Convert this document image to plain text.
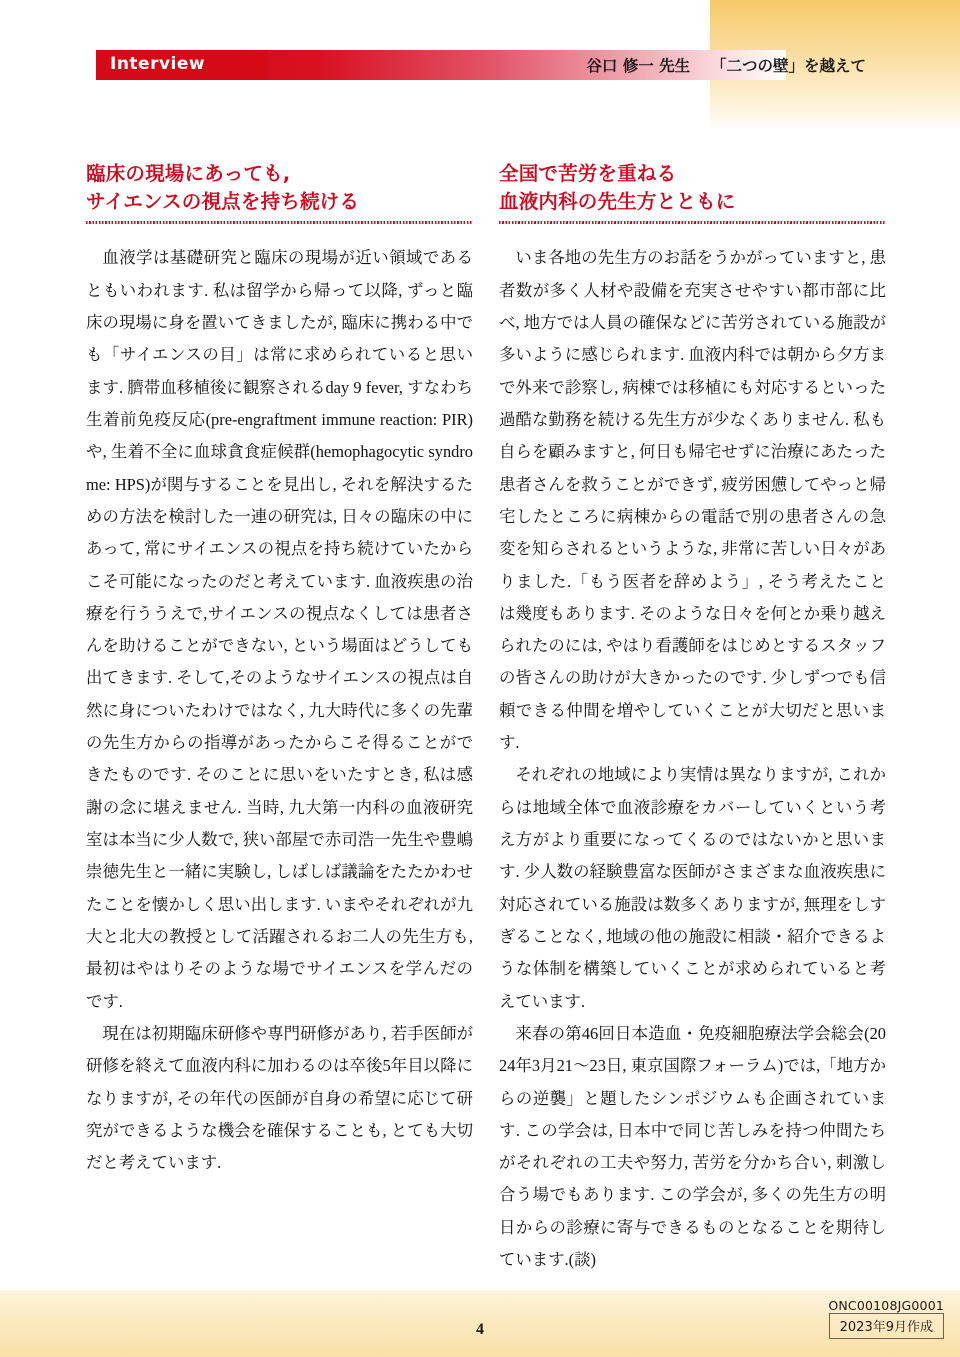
Interview	谷口 修一 先生 「二つの壁」を越えて
臨床の現場にあっても,
サイエンスの視点を持ち続ける

血液学は基礎研究と臨床の現場が近い領域であるともいわれます. 私は留学から帰って以降, ずっと臨床の現場に身を置いてきましたが, 臨床に携わる中でも「サイエンスの目」は常に求められていると思います. 臍帯血移植後に観察されるday 9 fever, すなわち生着前免疫反応(pre-engraftment immune reaction: PIR)や, 生着不全に血球貪食症候群(hemophagocytic syndrome: HPS)が関与することを見出し, それを解決するための方法を検討した一連の研究は, 日々の臨床の中にあって, 常にサイエンスの視点を持ち続けていたからこそ可能になったのだと考えています. 血液疾患の治療を行ううえで,サイエンスの視点なくしては患者さんを助けることができない, という場面はどうしても出てきます. そして,そのようなサイエンスの視点は自然に身についたわけではなく, 九大時代に多くの先輩の先生方からの指導があったからこそ得ることができたものです. そのことに思いをいたすとき, 私は感謝の念に堪えません. 当時, 九大第一内科の血液研究室は本当に少人数で, 狭い部屋で赤司浩一先生や豊嶋崇徳先生と一緒に実験し, しばしば議論をたたかわせたことを懐かしく思い出します. いまやそれぞれが九大と北大の教授として活躍されるお二人の先生方も, 最初はやはりそのような場でサイエンスを学んだのです.

現在は初期臨床研修や専門研修があり, 若手医師が研修を終えて血液内科に加わるのは卒後5年目以降になりますが, その年代の医師が自身の希望に応じて研究ができるような機会を確保することも, とても大切だと考えています.

全国で苦労を重ねる
血液内科の先生方とともに

いま各地の先生方のお話をうかがっていますと, 患者数が多く人材や設備を充実させやすい都市部に比べ, 地方では人員の確保などに苦労されている施設が多いように感じられます. 血液内科では朝から夕方まで外来で診察し, 病棟では移植にも対応するといった過酷な勤務を続ける先生方が少なくありません. 私も自らを顧みますと, 何日も帰宅せずに治療にあたった患者さんを救うことができず, 疲労困憊してやっと帰宅したところに病棟からの電話で別の患者さんの急変を知らされるというような, 非常に苦しい日々がありました.「もう医者を辞めよう」, そう考えたことは幾度もあります. そのような日々を何とか乗り越えられたのには, やはり看護師をはじめとするスタッフの皆さんの助けが大きかったのです. 少しずつでも信頼できる仲間を増やしていくことが大切だと思います.

それぞれの地域により実情は異なりますが, これからは地域全体で血液診療をカバーしていくという考え方がより重要になってくるのではないかと思います. 少人数の経験豊富な医師がさまざまな血液疾患に対応されている施設は数多くありますが, 無理をしすぎることなく, 地域の他の施設に相談・紹介できるような体制を構築していくことが求められていると考えています.

来春の第46回日本造血・免疫細胞療法学会総会(2024年3月21〜23日, 東京国際フォーラム)では,「地方からの逆襲」と題したシンポジウムも企画されています. この学会は, 日本中で同じ苦しみを持つ仲間たちがそれぞれの工夫や努力, 苦労を分かち合い, 刺激し合う場でもあります. この学会が, 多くの先生方の明日からの診療に寄与できるものとなることを期待しています.(談)

4
ONC00108JG0001
2023年9月作成
